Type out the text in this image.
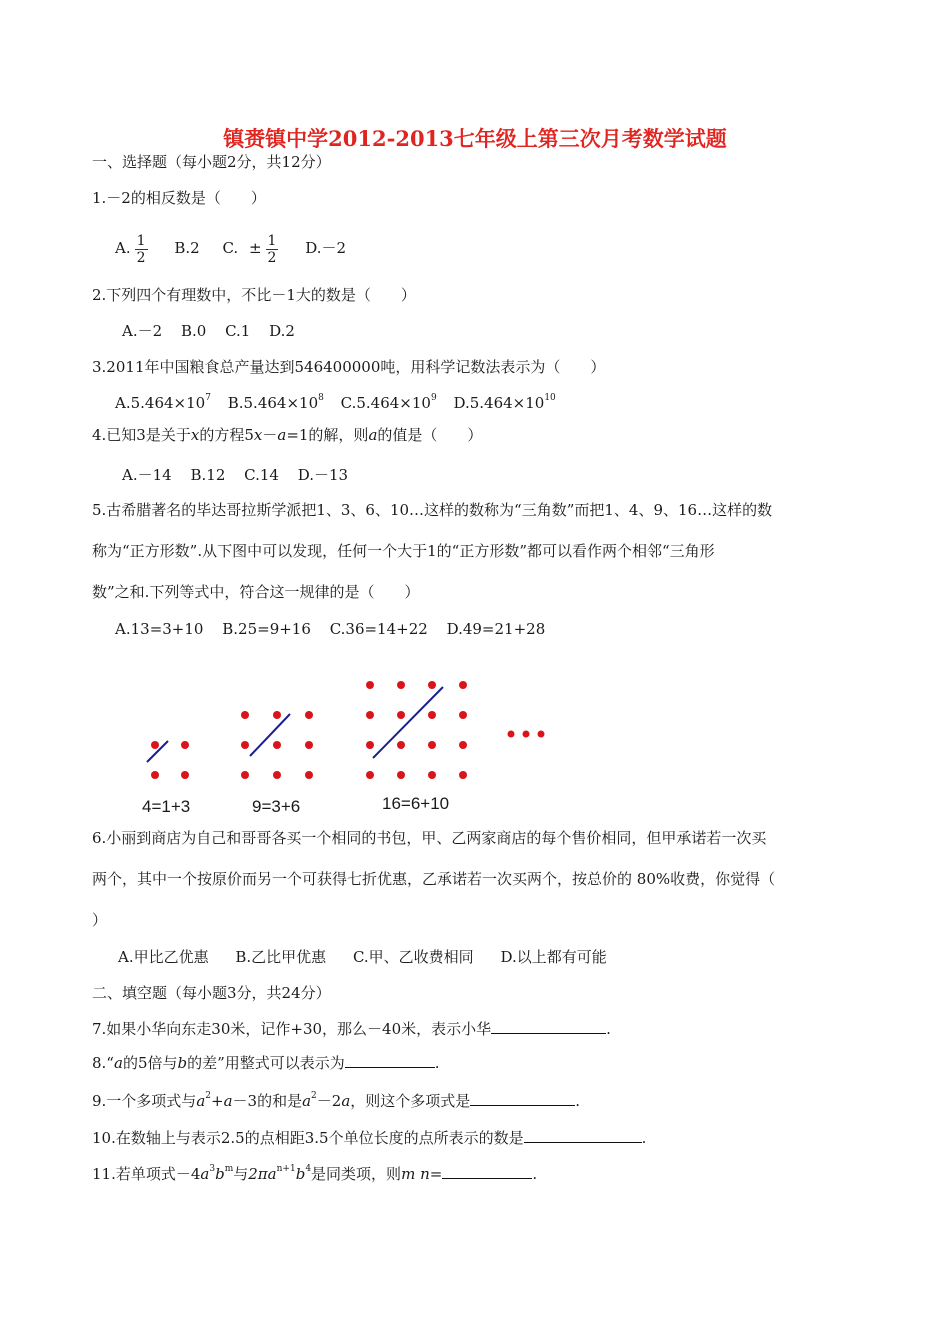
镇赉镇中学2012-2013七年级上第三次月考数学试题
一、选择题（每小题2分，共12分）
1.－2的相反数是（　　）
A. $\frac{1}{2} B.2$ C. ± $\frac{1}{2} D.-2$
2.下列四个有理数中，不比－1大的数是（　　）
A.－2 B.0 C.1 D.2
3.2011年中国粮食总产量达到546400000吨，用科学记数法表示为（　　）
$A.5.464\times 10^7$ $B.5.464\times 10^8$ $C.5.464\times 10^9$ $D.5.464\times 10^{10}$
4.已知3是关于x的方程5x－a=1的解，则a的值是（　　）
A.－14 B.12 C.14 D.－13
5.古希腊著名的毕达哥拉斯学派把1、3、6、10…这样的数称为“三角数”而把1、4、9、16…这样的数
称为“正方形数”.从下图中可以发现，任何一个大于1的“正方形数”都可以看作两个相邻“三角形
数”之和.下列等式中，符合这一规律的是（　　）
A.13=3+10 B.25=9+16 C.36=14+22 D.49=21+28
4=1+3	9=3+6	16=6+10
6.小丽到商店为自己和哥哥各买一个相同的书包，甲、乙两家商店的每个售价相同，但甲承诺若一次买
两个，其中一个按原价而另一个可获得七折优惠，乙承诺若一次买两个，按总价的 80%收费，你觉得（
）
A.甲比乙优惠 B.乙比甲优惠 C.甲、乙收费相同 D.以上都有可能
二、填空题（每小题3分，共24分）
7.如果小华向东走30米，记作+30，那么－40米，表示小华	.
8.“a的5倍与b的差”用整式可以表示为	.
9.一个多项式与$a^2+a-3$的和是$a^2-2a$，则这个多项式是	.
10.在数轴上与表示2.5的点相距3.5个单位长度的点所表示的数是	.
11.若单项式$-4a^3b^m$与$2\pi a^{n+1}b^4$是同类项，则m n=	.
